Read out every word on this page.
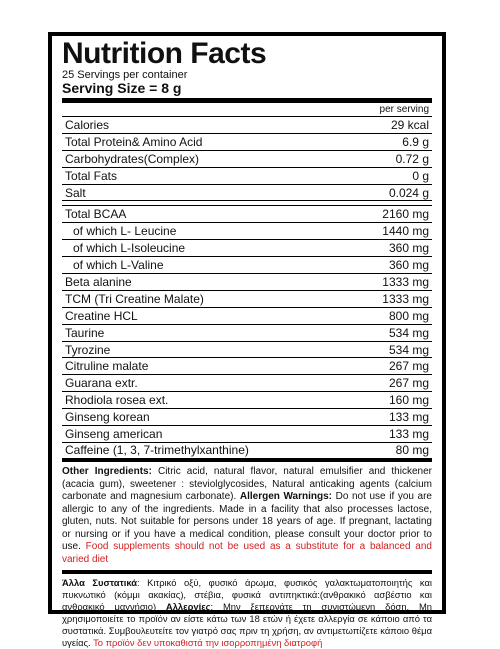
Nutrition Facts
25 Servings per container
Serving Size = 8 g
per serving
Calories	29 kcal
Total Protein& Amino Acid	6.9 g
Carbohydrates(Complex)	0.72 g
Total Fats	0 g
Salt	0.024 g
Total BCAA	2160 mg
of which L- Leucine	1440 mg
of which L-Isoleucine	360 mg
of which L-Valine	360 mg
Beta alanine	1333 mg
TCM (Tri Creatine Malate)	1333 mg
Creatine HCL	800 mg
Taurine	534 mg
Tyrozine	534 mg
Citruline malate	267 mg
Guarana extr.	267 mg
Rhodiola rosea ext.	160 mg
Ginseng korean	133 mg
Ginseng american	133 mg
Caffeine (1, 3, 7-trimethylxanthine)	80 mg
Other Ingredients: Citric acid, natural flavor, natural emulsifier and thickener (acacia gum), sweetener : steviolglycosides, Natural anticaking agents (calcium carbonate and magnesium carbonate). Allergen Warnings: Do not use if you are allergic to any of the ingredients. Made in a facility that also processes lactose, gluten, nuts. Not suitable for persons under 18 years of age. If pregnant, lactating or nursing or if you have a medical condition, please consult your doctor prior to use. Food supplements should not be used as a substitute for a balanced and varied diet
Άλλα Συστατικά: Κιτρικό οξύ, φυσικό άρωμα, φυσικός γαλακτωματοποιητής και πυκνωτικό (κόμμι ακακίας), στέβια, φυσικά αντιπηκτικά:(ανθρακικό ασβέστιο και ανθρακικό μαγνήσιο) Αλλεργίες: Μην ξεπερνάτε τη συνιστώμενη δόση. Μη χρησιμοποιείτε το προϊόν αν είστε κάτω των 18 ετών ή έχετε αλλεργία σε κάποιο από τα συστατικά. Συμβουλευτείτε τον γιατρό σας πριν τη χρήση, αν αντιμετωπίζετε κάποιο θέμα υγείας. Το προϊόν δεν υποκαθιστά την ισορροπημένη διατροφή
